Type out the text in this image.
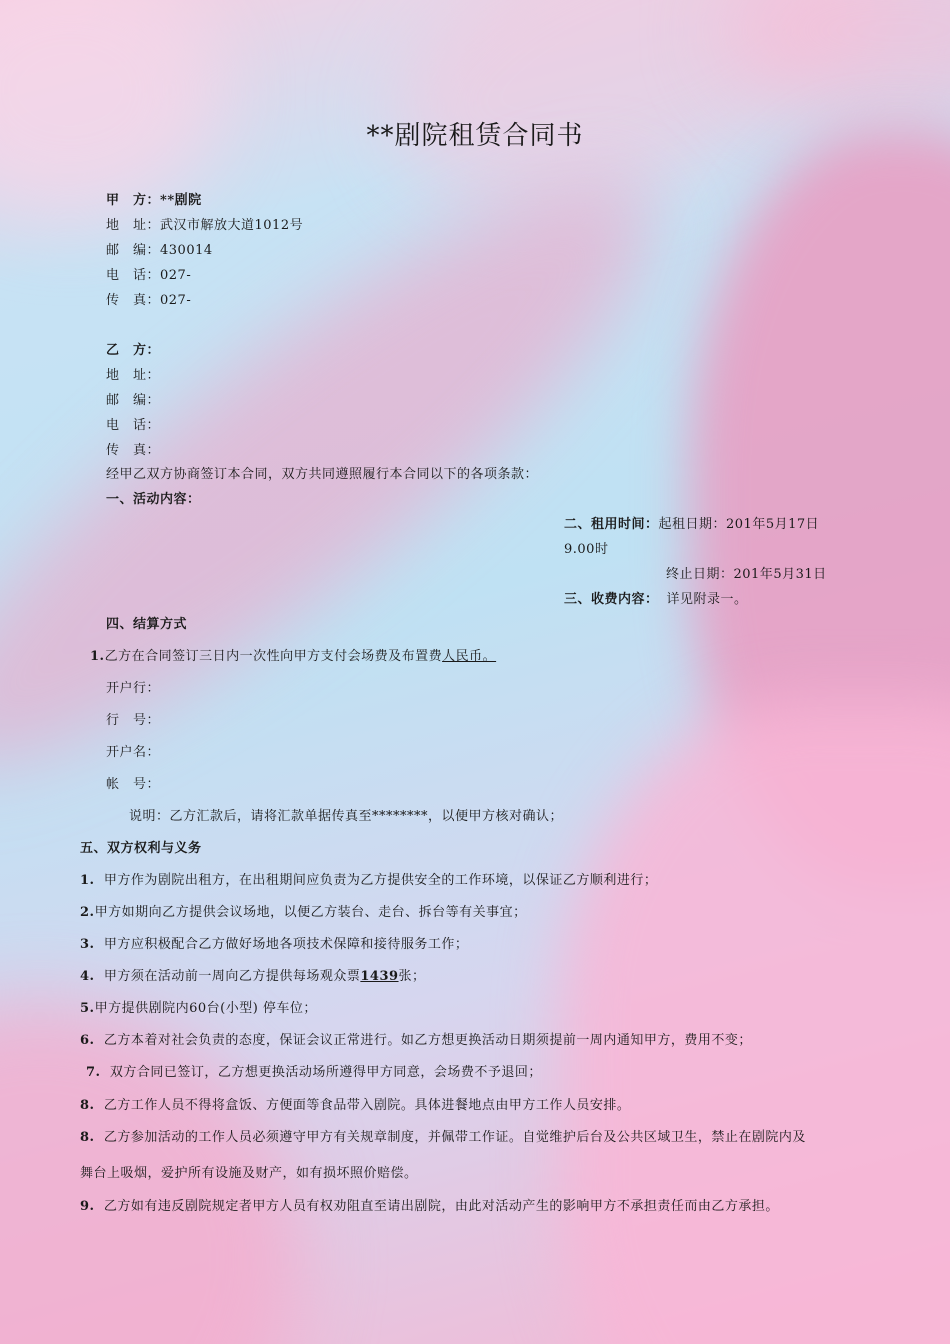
**剧院租赁合同书
甲　方：**剧院
地　址：武汉市解放大道1012号
邮　编：430014
电　话：027-
传　真：027-
乙　方：
地　址：
邮　编：
电　话：
传　真：
经甲乙双方协商签订本合同，双方共同遵照履行本合同以下的各项条款：
一、活动内容：
二、租用时间：起租日期：201年5月17日
9.00时
终止日期：201年5月31日
三、收费内容： 详见附录一。
四、结算方式
1.乙方在合同签订三日内一次性向甲方支付会场费及布置费人民币。
开户行：
行　号：
开户名：
帐　号：
说明：乙方汇款后，请将汇款单据传真至********，以便甲方核对确认；
五、双方权利与义务
1. 甲方作为剧院出租方，在出租期间应负责为乙方提供安全的工作环境，以保证乙方顺利进行；
2.甲方如期向乙方提供会议场地，以便乙方装台、走台、拆台等有关事宜；
3. 甲方应积极配合乙方做好场地各项技术保障和接待服务工作；
4. 甲方须在活动前一周向乙方提供每场观众票1439张；
5.甲方提供剧院内60台(小型) 停车位；
6. 乙方本着对社会负责的态度，保证会议正常进行。如乙方想更换活动日期须提前一周内通知甲方，费用不变；
7. 双方合同已签订，乙方想更换活动场所遵得甲方同意，会场费不予退回；
8. 乙方工作人员不得将盒饭、方便面等食品带入剧院。具体进餐地点由甲方工作人员安排。
8. 乙方参加活动的工作人员必须遵守甲方有关规章制度，并佩带工作证。自觉维护后台及公共区域卫生，禁止在剧院内及
舞台上吸烟，爱护所有设施及财产，如有损坏照价赔偿。
9. 乙方如有违反剧院规定者甲方人员有权劝阻直至请出剧院，由此对活动产生的影响甲方不承担责任而由乙方承担。
